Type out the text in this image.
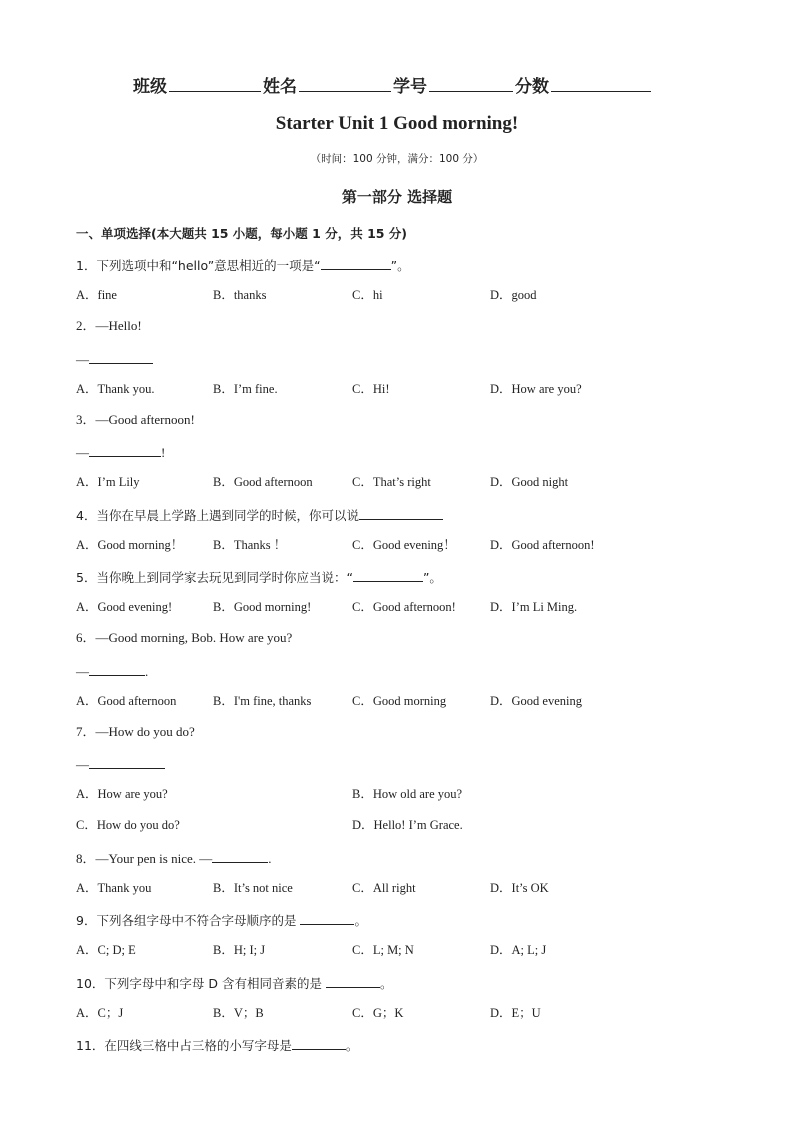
班级	姓名	学号	分数
Starter Unit 1 Good morning!
（时间：100 分钟，满分：100 分）
第一部分 选择题
一、单项选择(本大题共 15 小题，每小题 1 分，共 15 分)
1．下列选项中和“hello”意思相近的一项是“	”。
A．fine	B．thanks	C．hi	D．good
2．—Hello!
—
A．Thank you.	B．I’m fine.	C．Hi!	D．How are you?
3．—Good afternoon!
—	!
A．I’m Lily	B．Good afternoon	C．That’s right	D．Good night
4．当你在早晨上学路上遇到同学的时候，你可以说
A．Good morning！ B．Thanks ！	C．Good evening！	D．Good afternoon!
5．当你晚上到同学家去玩见到同学时你应当说：“	”。
A．Good evening!	B．Good morning!	C．Good afternoon!	D．I’m Li Ming.
6．—Good morning, Bob. How are you?
—	.
A．Good afternoon	B．I'm fine, thanks	C．Good morning	D．Good evening
7．—How do you do?
—
A．How are you?	B．How old are you?
C．How do you do?	D．Hello! I’m Grace.
8．—Your pen is nice. —	.
A．Thank you	B．It’s not nice	C．All right	D．It’s OK
9．下列各组字母中不符合字母顺序的是	。
A．C; D; E	B．H; I; J	C．L; M; N	D．A; L; J
10．下列字母中和字母 D 含有相同音素的是	。
A．C；J	B．V；B	C．G；K	D．E；U
11．在四线三格中占三格的小写字母是	。
